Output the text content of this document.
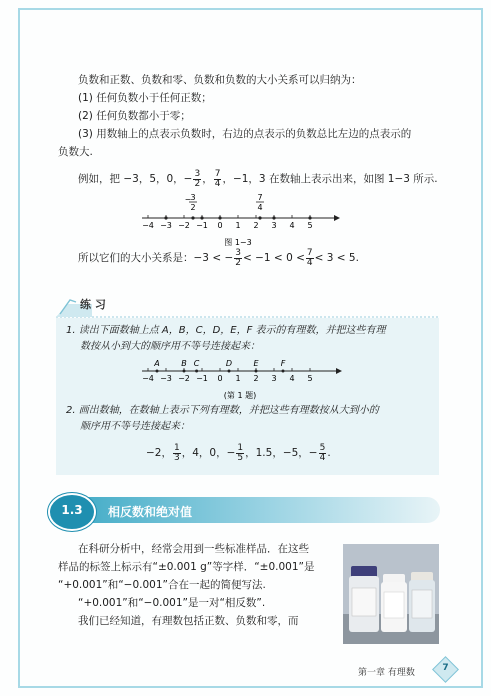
负数和正数、负数和零、负数和负数的大小关系可以归纳为：
(1) 任何负数小于任何正数；
(2) 任何负数都小于零；
(3) 用数轴上的点表示负数时，右边的点表示的负数总比左边的点表示的
负数大.
例如，把 −3，5，0，− $\frac{3}{2}$ ， $\frac{7}{4}$ ，−1，3 在数轴上表示出来，如图 1−3 所示.
− 3
2
7
4
−4 −3 −2 −1 0 1 2 3 4 5
图 1−3
所以它们的大小关系是：−3 < − $\frac{3}{2} < -1 < 0 < \frac{7}{4} < 3 < 5$.
练 习
1. 读出下面数轴上点 A，B，C，D，E，F 表示的有理数，并把这些有理
数按从小到大的顺序用不等号连接起来：
A	B C	D	E	F
−4 −3 −2 −1 0 1 2 3 4 5
(第 1 题)
2. 画出数轴，在数轴上表示下列有理数，并把这些有理数按从大到小的
顺序用不等号连接起来：
−2， $\frac{1}{3}$ ，4，0，− $\frac{1}{5}$ ，1.5，−5，− $\frac{5}{4}$ .
1.3	相反数和绝对值
在科研分析中，经常会用到一些标准样品．在这些
样品的标签上标示有“±0.001 g”等字样．“±0.001”是
“+0.001”和“−0.001”合在一起的简便写法.
“+0.001”和“−0.001”是一对“相反数”.
我们已经知道，有理数包括正数、负数和零，而
第一章 有理数	7
